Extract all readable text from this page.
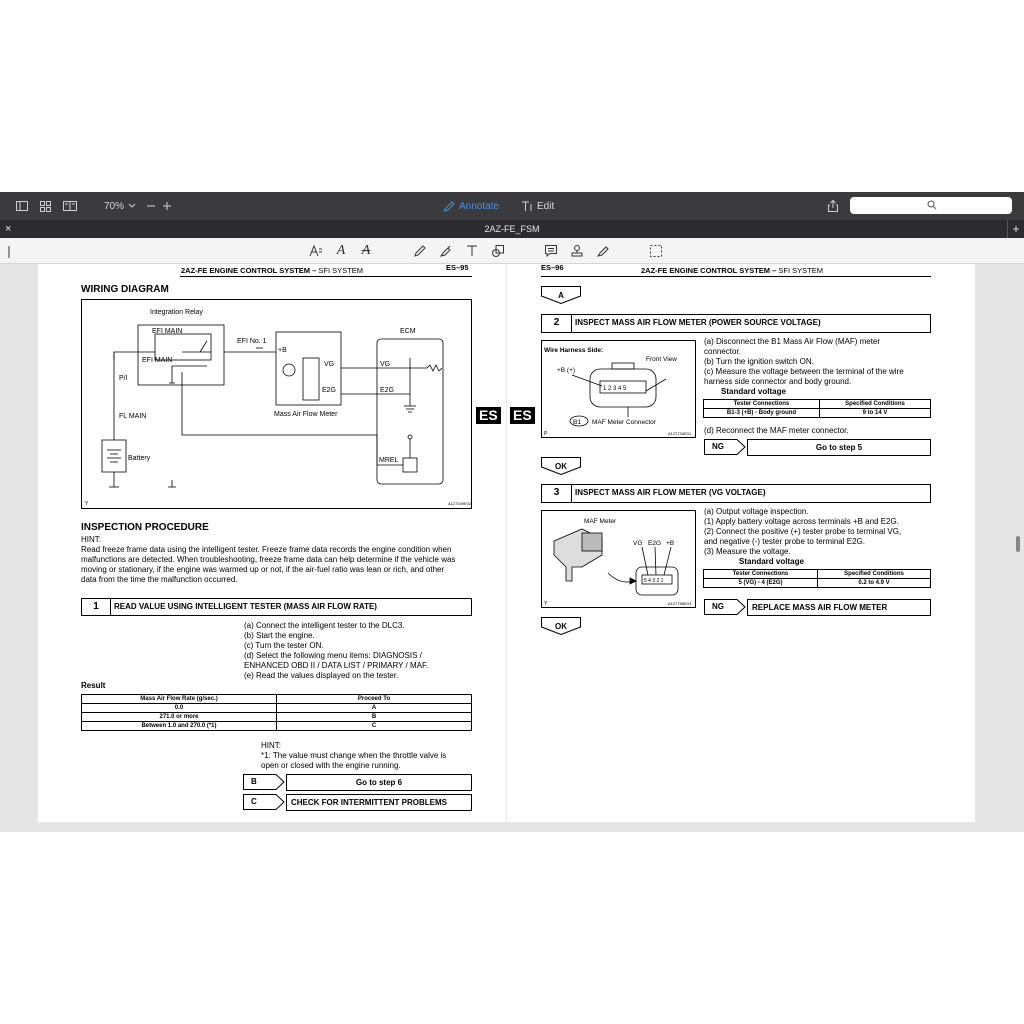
70%	Annotate	Edit
×	2AZ-FE_FSM	+
A A
2AZ-FE ENGINE CONTROL SYSTEM – SFI SYSTEM	ES–95
WIRING DIAGRAM
Integration Relay
EFI MAIN
EFI MAIN
EFI No. 1
ECM
P/I
FL MAIN
Battery
+B
VG
E2G
VG
E2G
Mass Air Flow Meter
MREL
Y	A127349E02
INSPECTION PROCEDURE
HINT:
Read freeze frame data using the intelligent tester. Freeze frame data records the engine condition when
malfunctions are detected. When troubleshooting, freeze frame data can help determine if the vehicle was
moving or stationary, if the engine was warmed up or not, if the air-fuel ratio was lean or rich, and other
data from the time the malfunction occurred.
1	READ VALUE USING INTELLIGENT TESTER (MASS AIR FLOW RATE)
(a) Connect the intelligent tester to the DLC3.
(b) Start the engine.
(c) Turn the tester ON.
(d) Select the following menu items: DIAGNOSIS /
ENHANCED OBD II / DATA LIST / PRIMARY / MAF.
(e) Read the values displayed on the tester.
Result
Mass Air Flow Rate (g/sec.)	Proceed To
0.0	A
271.0 or more	B
Between 1.0 and 270.0 (*1)	C
HINT:
*1: The value must change when the throttle valve is
open or closed with the engine running.
B	Go to step 6
C	CHECK FOR INTERMITTENT PROBLEMS
ES ES
ES–96	2AZ-FE ENGINE CONTROL SYSTEM – SFI SYSTEM
A
2	INSPECT MASS AIR FLOW METER (POWER SOURCE VOLTAGE)
Wire Harness Side:
Front View
+B (+)
1 2 3 4 5
B1 MAF Meter Connector
P	A127734E01
(a) Disconnect the B1 Mass Air Flow (MAF) meter
connector.
(b) Turn the ignition switch ON.
(c) Measure the voltage between the terminal of the wire
harness side connector and body ground.
Standard voltage
Tester Connections	Specified Conditions
B1-3 (+B) - Body ground	9 to 14 V
(d) Reconnect the MAF meter connector.
NG	Go to step 5
OK
3	INSPECT MASS AIR FLOW METER (VG VOLTAGE)
MAF Meter
VG E2G +B
5 4 3 2 1
Y	A127798E03
(a) Output voltage inspection.
(1) Apply battery voltage across terminals +B and E2G.
(2) Connect the positive (+) tester probe to terminal VG,
and negative (-) tester probe to terminal E2G.
(3) Measure the voltage.
Standard voltage
Tester Connections	Specified Conditions
5 (VG) - 4 (E2G)	0.2 to 4.9 V
NG	REPLACE MASS AIR FLOW METER
OK
